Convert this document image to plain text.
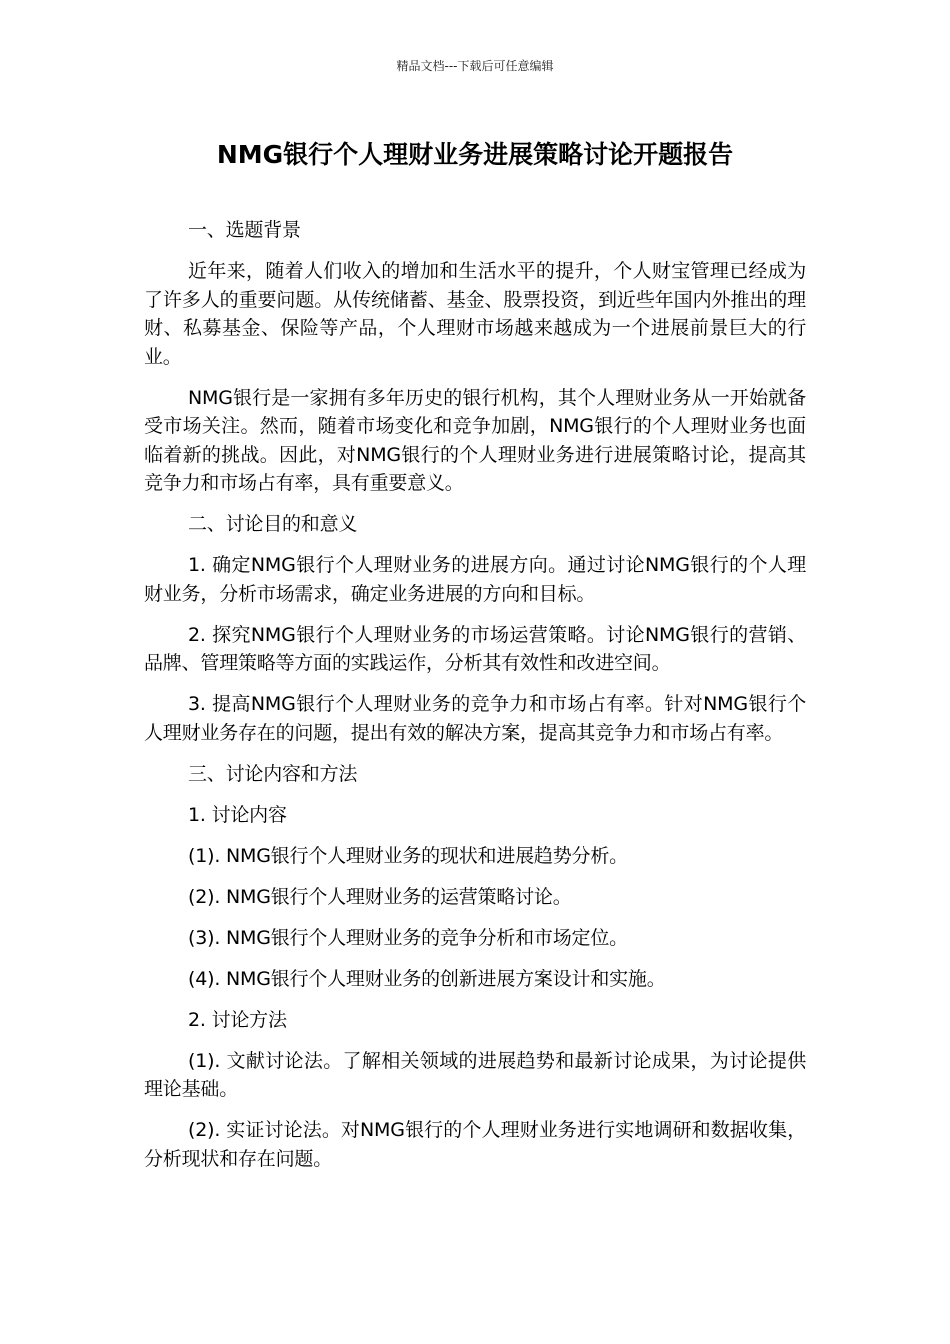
精品文档---下载后可任意编辑
NMG银行个人理财业务进展策略讨论开题报告

一、选题背景

近年来，随着人们收入的增加和生活水平的提升，个人财宝管理已经成为了许多人的重要问题。从传统储蓄、基金、股票投资，到近些年国内外推出的理财、私募基金、保险等产品，个人理财市场越来越成为一个进展前景巨大的行业。

NMG银行是一家拥有多年历史的银行机构，其个人理财业务从一开始就备受市场关注。然而，随着市场变化和竞争加剧，NMG银行的个人理财业务也面临着新的挑战。因此，对NMG银行的个人理财业务进行进展策略讨论，提高其竞争力和市场占有率，具有重要意义。

二、讨论目的和意义

1. 确定NMG银行个人理财业务的进展方向。通过讨论NMG银行的个人理财业务，分析市场需求，确定业务进展的方向和目标。

2. 探究NMG银行个人理财业务的市场运营策略。讨论NMG银行的营销、品牌、管理策略等方面的实践运作，分析其有效性和改进空间。

3. 提高NMG银行个人理财业务的竞争力和市场占有率。针对NMG银行个人理财业务存在的问题，提出有效的解决方案，提高其竞争力和市场占有率。

三、讨论内容和方法

1. 讨论内容

(1). NMG银行个人理财业务的现状和进展趋势分析。

(2). NMG银行个人理财业务的运营策略讨论。

(3). NMG银行个人理财业务的竞争分析和市场定位。

(4). NMG银行个人理财业务的创新进展方案设计和实施。

2. 讨论方法

(1). 文献讨论法。了解相关领域的进展趋势和最新讨论成果，为讨论提供理论基础。

(2). 实证讨论法。对NMG银行的个人理财业务进行实地调研和数据收集，分析现状和存在问题。
